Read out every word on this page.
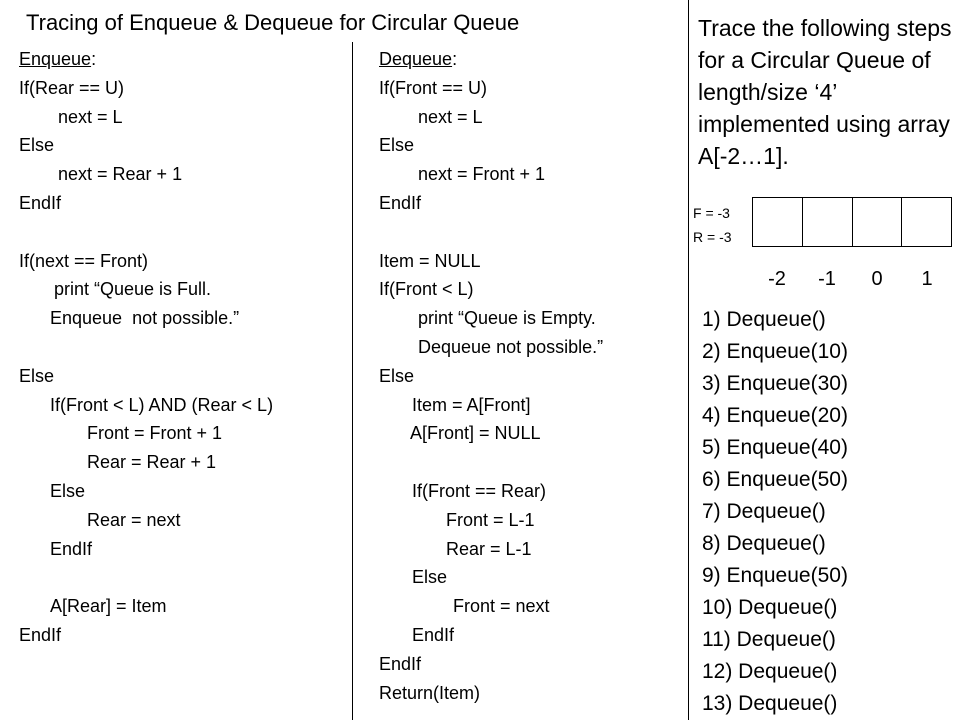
Tracing of Enqueue & Dequeue for Circular Queue
Enqueue:
If(Rear == U)
next = L
Else
next = Rear + 1
EndIf
If(next == Front)
print “Queue is Full.
Enqueue  not possible.”
Else
If(Front < L) AND (Rear < L)
Front = Front + 1
Rear = Rear + 1
Else
Rear = next
EndIf
A[Rear] = Item
EndIf
Dequeue:
If(Front == U)
next = L
Else
next = Front + 1
EndIf
Item = NULL
If(Front < L)
print “Queue is Empty.
Dequeue not possible.”
Else
Item = A[Front]
A[Front] = NULL
If(Front == Rear)
Front = L-1
Rear = L-1
Else
Front = next
EndIf
EndIf
Return(Item)
Trace the following steps for a Circular Queue of length/size ‘4’ implemented using array A[-2…1].
F = -3
R = -3
-2	-1	0	1
1) Dequeue()
2) Enqueue(10)
3) Enqueue(30)
4) Enqueue(20)
5) Enqueue(40)
6) Enqueue(50)
7) Dequeue()
8) Dequeue()
9) Enqueue(50)
10) Dequeue()
11) Dequeue()
12) Dequeue()
13) Dequeue()
